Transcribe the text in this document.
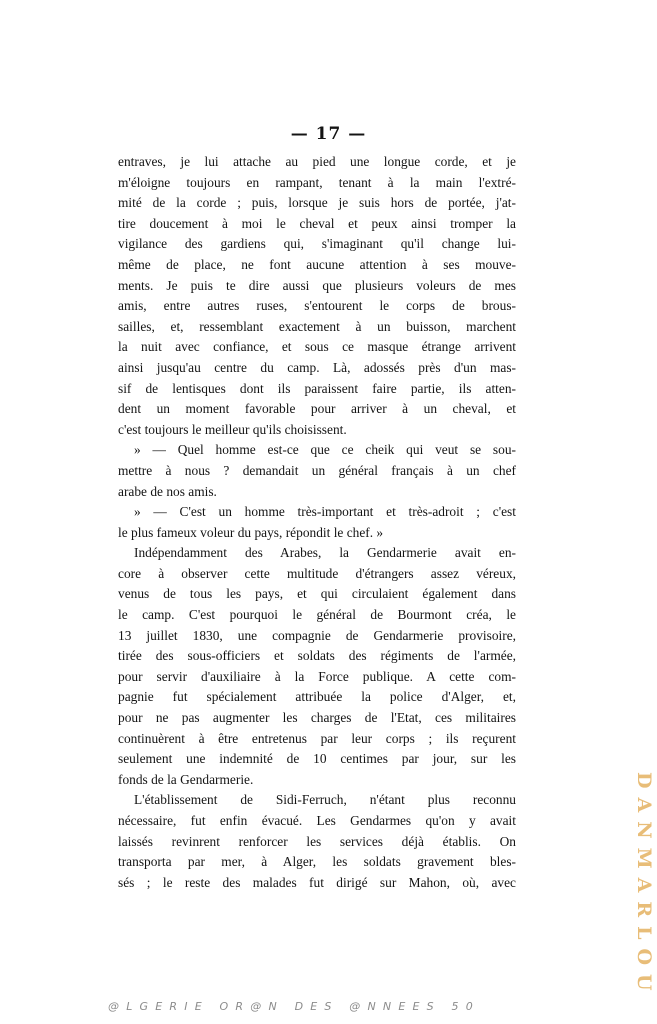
— 17 —
entraves, je lui attache au pied une longue corde, et je
m'éloigne toujours en rampant, tenant à la main l'extré-
mité de la corde ; puis, lorsque je suis hors de portée, j'at-
tire doucement à moi le cheval et peux ainsi tromper la
vigilance des gardiens qui, s'imaginant qu'il change lui-
même de place, ne font aucune attention à ses mouve-
ments. Je puis te dire aussi que plusieurs voleurs de mes
amis, entre autres ruses, s'entourent le corps de brous-
sailles, et, ressemblant exactement à un buisson, marchent
la nuit avec confiance, et sous ce masque étrange arrivent
ainsi jusqu'au centre du camp. Là, adossés près d'un mas-
sif de lentisques dont ils paraissent faire partie, ils atten-
dent un moment favorable pour arriver à un cheval, et
c'est toujours le meilleur qu'ils choisissent.
» — Quel homme est-ce que ce cheik qui veut se sou-
mettre à nous ? demandait un général français à un chef
arabe de nos amis.
» — C'est un homme très-important et très-adroit ; c'est
le plus fameux voleur du pays, répondit le chef. »
Indépendamment des Arabes, la Gendarmerie avait en-
core à observer cette multitude d'étrangers assez véreux,
venus de tous les pays, et qui circulaient également dans
le camp. C'est pourquoi le général de Bourmont créa, le
13 juillet 1830, une compagnie de Gendarmerie provisoire,
tirée des sous-officiers et soldats des régiments de l'armée,
pour servir d'auxiliaire à la Force publique. A cette com-
pagnie fut spécialement attribuée la police d'Alger, et,
pour ne pas augmenter les charges de l'Etat, ces militaires
continuèrent à être entretenus par leur corps ; ils reçurent
seulement une indemnité de 10 centimes par jour, sur les
fonds de la Gendarmerie.
L'établissement de Sidi-Ferruch, n'étant plus reconnu
nécessaire, fut enfin évacué. Les Gendarmes qu'on y avait
laissés revinrent renforcer les services déjà établis. On
transporta par mer, à Alger, les soldats gravement bles-
sés ; le reste des malades fut dirigé sur Mahon, où, avec	DANMARLOU
@LGERIE OR@N DES @NNEES 50
